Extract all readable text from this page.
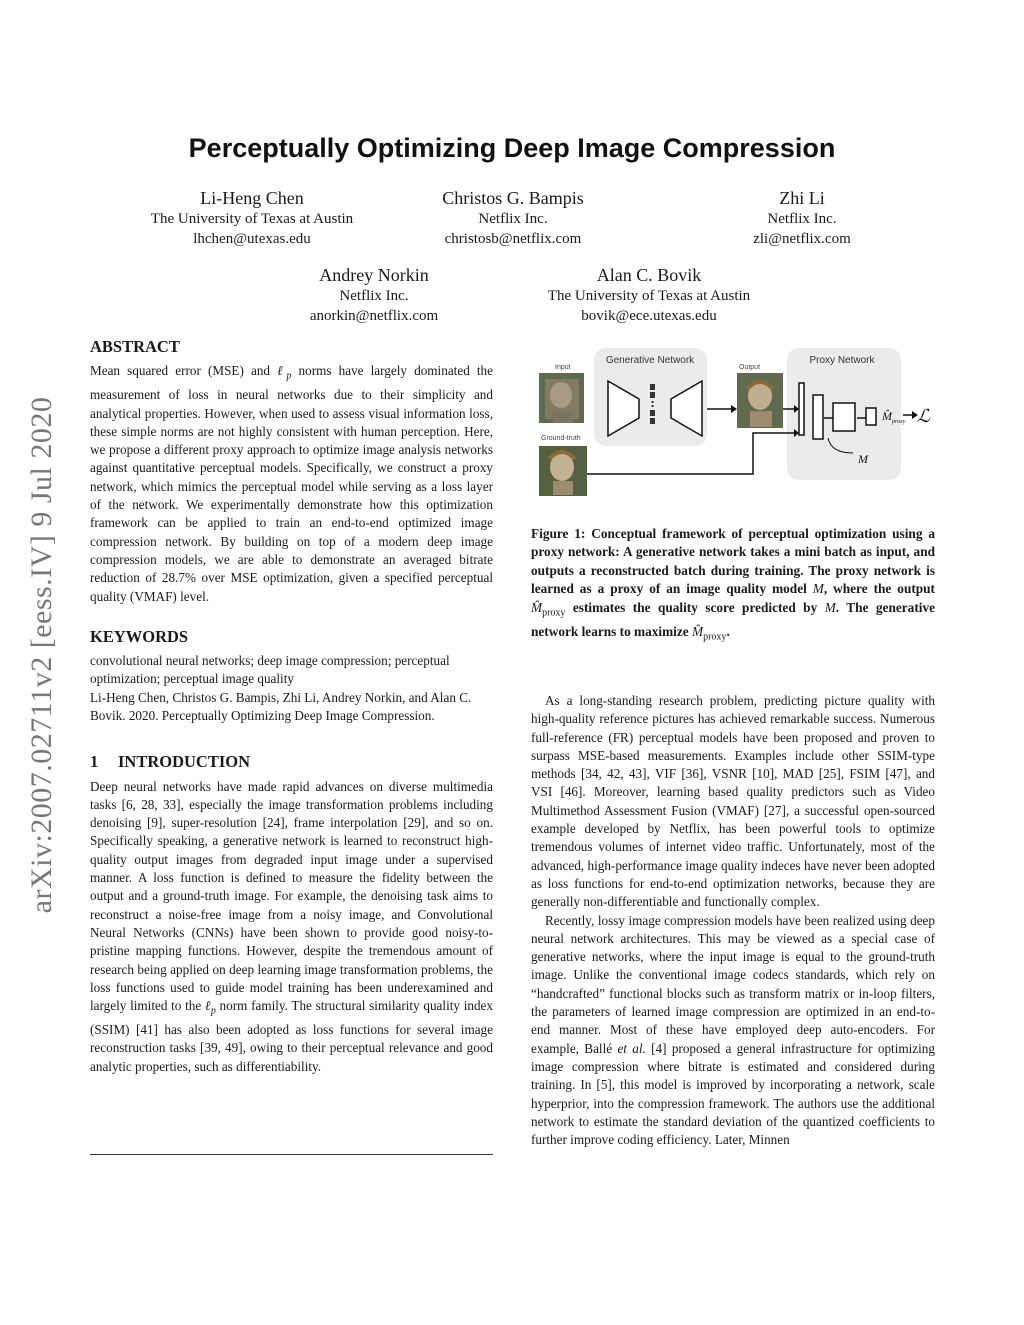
arXiv:2007.02711v2 [eess.IV] 9 Jul 2020
Perceptually Optimizing Deep Image Compression
Li-Heng Chen
The University of Texas at Austin
lhchen@utexas.edu
Christos G. Bampis
Netflix Inc.
christosb@netflix.com
Zhi Li
Netflix Inc.
zli@netflix.com
Andrey Norkin
Netflix Inc.
anorkin@netflix.com
Alan C. Bovik
The University of Texas at Austin
bovik@ece.utexas.edu
ABSTRACT

Mean squared error (MSE) and ℓ$_p$ norms have largely dominated the measurement of loss in neural networks due to their simplicity and analytical properties. However, when used to assess visual information loss, these simple norms are not highly consistent with human perception. Here, we propose a different proxy approach to optimize image analysis networks against quantitative perceptual models. Specifically, we construct a proxy network, which mimics the perceptual model while serving as a loss layer of the network. We experimentally demonstrate how this optimization framework can be applied to train an end-to-end optimized image compression network. By building on top of a modern deep image compression models, we are able to demonstrate an averaged bitrate reduction of 28.7% over MSE optimization, given a specified perceptual quality (VMAF) level.

KEYWORDS

convolutional neural networks; deep image compression; perceptual optimization; perceptual image quality

Li-Heng Chen, Christos G. Bampis, Zhi Li, Andrey Norkin, and Alan C. Bovik. 2020. Perceptually Optimizing Deep Image Compression.

1 INTRODUCTION

Deep neural networks have made rapid advances on diverse multimedia tasks [6, 28, 33], especially the image transformation problems including denoising [9], super-resolution [24], frame interpolation [29], and so on. Specifically speaking, a generative network is learned to reconstruct high-quality output images from degraded input image under a supervised manner. A loss function is defined to measure the fidelity between the output and a ground-truth image. For example, the denoising task aims to reconstruct a noise-free image from a noisy image, and Convolutional Neural Networks (CNNs) have been shown to provide good noisy-to-pristine mapping functions. However, despite the tremendous amount of research being applied on deep learning image transformation problems, the loss functions used to guide model training has been underexamined and largely limited to the ℓ$_p$ norm family. The structural similarity quality index (SSIM) [41] has also been adopted as loss functions for several image reconstruction tasks [39, 49], owing to their perceptual relevance and good analytic properties, such as differentiability.

Generative Network	Proxy Network
Input
Ground-truth
Output
$M̂_{proxy}$ ℒ
M
Figure 1: Conceptual framework of perceptual optimization using a proxy network: A generative network takes a mini batch as input, and outputs a reconstructed batch during training. The proxy network is learned as a proxy of an image quality model M, where the output $M̂_{proxy}$ estimates the quality score predicted by M. The generative network learns to maximize $M̂_{proxy}$.

As a long-standing research problem, predicting picture quality with high-quality reference pictures has achieved remarkable success. Numerous full-reference (FR) perceptual models have been proposed and proven to surpass MSE-based measurements. Examples include other SSIM-type methods [34, 42, 43], VIF [36], VSNR [10], MAD [25], FSIM [47], and VSI [46]. Moreover, learning based quality predictors such as Video Multimethod Assessment Fusion (VMAF) [27], a successful open-sourced example developed by Netflix, has been powerful tools to optimize tremendous volumes of internet video traffic. Unfortunately, most of the advanced, high-performance image quality indeces have never been adopted as loss functions for end-to-end optimization networks, because they are generally non-differentiable and functionally complex.

Recently, lossy image compression models have been realized using deep neural network architectures. This may be viewed as a special case of generative networks, where the input image is equal to the ground-truth image. Unlike the conventional image codecs standards, which rely on “handcrafted” functional blocks such as transform matrix or in-loop filters, the parameters of learned image compression are optimized in an end-to-end manner. Most of these have employed deep auto-encoders. For example, Ballé et al. [4] proposed a general infrastructure for optimizing image compression where bitrate is estimated and considered during training. In [5], this model is improved by incorporating a network, scale hyperprior, into the compression framework. The authors use the additional network to estimate the standard deviation of the quantized coefficients to further improve coding efficiency. Later, Minnen
